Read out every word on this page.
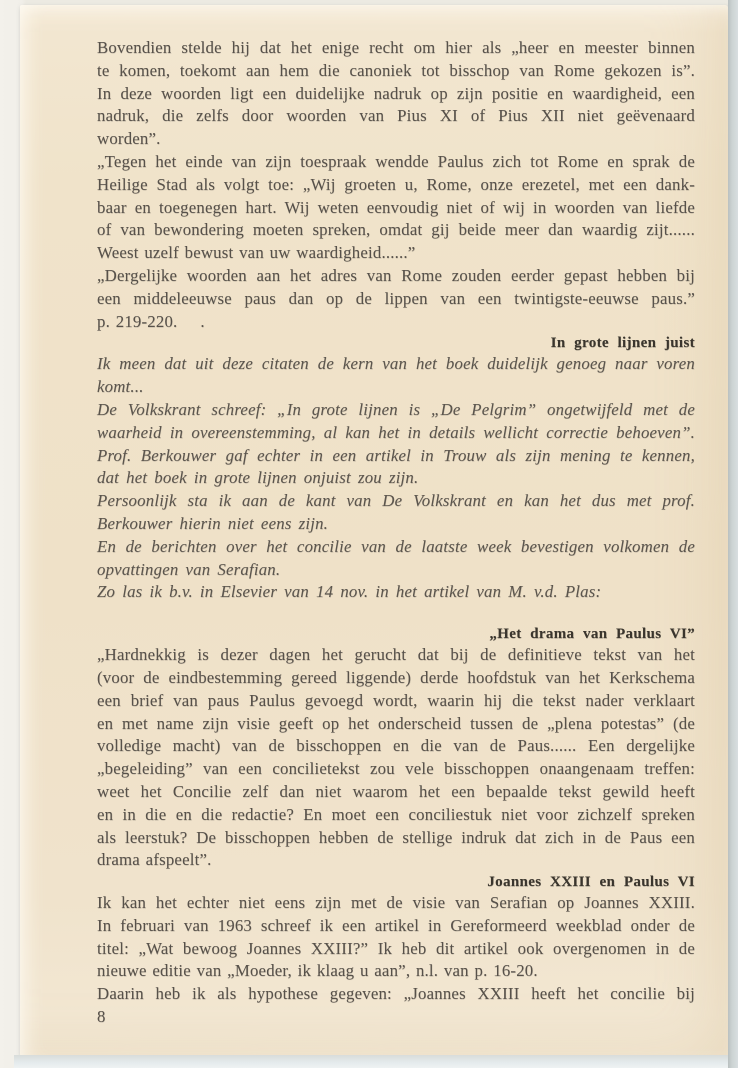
Bovendien stelde hij dat het enige recht om hier als „heer en meester binnen
te komen, toekomt aan hem die canoniek tot bisschop van Rome gekozen is”.
In deze woorden ligt een duidelijke nadruk op zijn positie en waardigheid, een
nadruk, die zelfs door woorden van Pius XI of Pius XII niet geëvenaard
worden”.
„Tegen het einde van zijn toespraak wendde Paulus zich tot Rome en sprak de
Heilige Stad als volgt toe: „Wij groeten u, Rome, onze erezetel, met een dank-
baar en toegenegen hart. Wij weten eenvoudig niet of wij in woorden van liefde
of van bewondering moeten spreken, omdat gij beide meer dan waardig zijt......
Weest uzelf bewust van uw waardigheid......”
„Dergelijke woorden aan het adres van Rome zouden eerder gepast hebben bij
een middeleeuwse paus dan op de lippen van een twintigste-eeuwse paus.”
p. 219-220.    .
In grote lijnen juist
Ik meen dat uit deze citaten de kern van het boek duidelijk genoeg naar voren
komt...
De Volkskrant schreef: „In grote lijnen is „De Pelgrim” ongetwijfeld met de
waarheid in overeenstemming, al kan het in details wellicht correctie behoeven”.
Prof. Berkouwer gaf echter in een artikel in Trouw als zijn mening te kennen,
dat het boek in grote lijnen onjuist zou zijn.
Persoonlijk sta ik aan de kant van De Volkskrant en kan het dus met prof.
Berkouwer hierin niet eens zijn.
En de berichten over het concilie van de laatste week bevestigen volkomen de
opvattingen van Serafian.
Zo las ik b.v. in Elsevier van 14 nov. in het artikel van M. v.d. Plas:
„Het drama van Paulus VI”
„Hardnekkig is dezer dagen het gerucht dat bij de definitieve tekst van het
(voor de eindbestemming gereed liggende) derde hoofdstuk van het Kerkschema
een brief van paus Paulus gevoegd wordt, waarin hij die tekst nader verklaart
en met name zijn visie geeft op het onderscheid tussen de „plena potestas” (de
volledige macht) van de bisschoppen en die van de Paus...... Een dergelijke
„begeleiding” van een concilietekst zou vele bisschoppen onaangenaam treffen:
weet het Concilie zelf dan niet waarom het een bepaalde tekst gewild heeft
en in die en die redactie? En moet een conciliestuk niet voor zichzelf spreken
als leerstuk? De bisschoppen hebben de stellige indruk dat zich in de Paus een
drama afspeelt”.
Joannes XXIII en Paulus VI
Ik kan het echter niet eens zijn met de visie van Serafian op Joannes XXIII.
In februari van 1963 schreef ik een artikel in Gereformeerd weekblad onder de
titel: „Wat bewoog Joannes XXIII?” Ik heb dit artikel ook overgenomen in de
nieuwe editie van „Moeder, ik klaag u aan”, n.l. van p. 16-20.
Daarin heb ik als hypothese gegeven: „Joannes XXIII heeft het concilie bij
8
